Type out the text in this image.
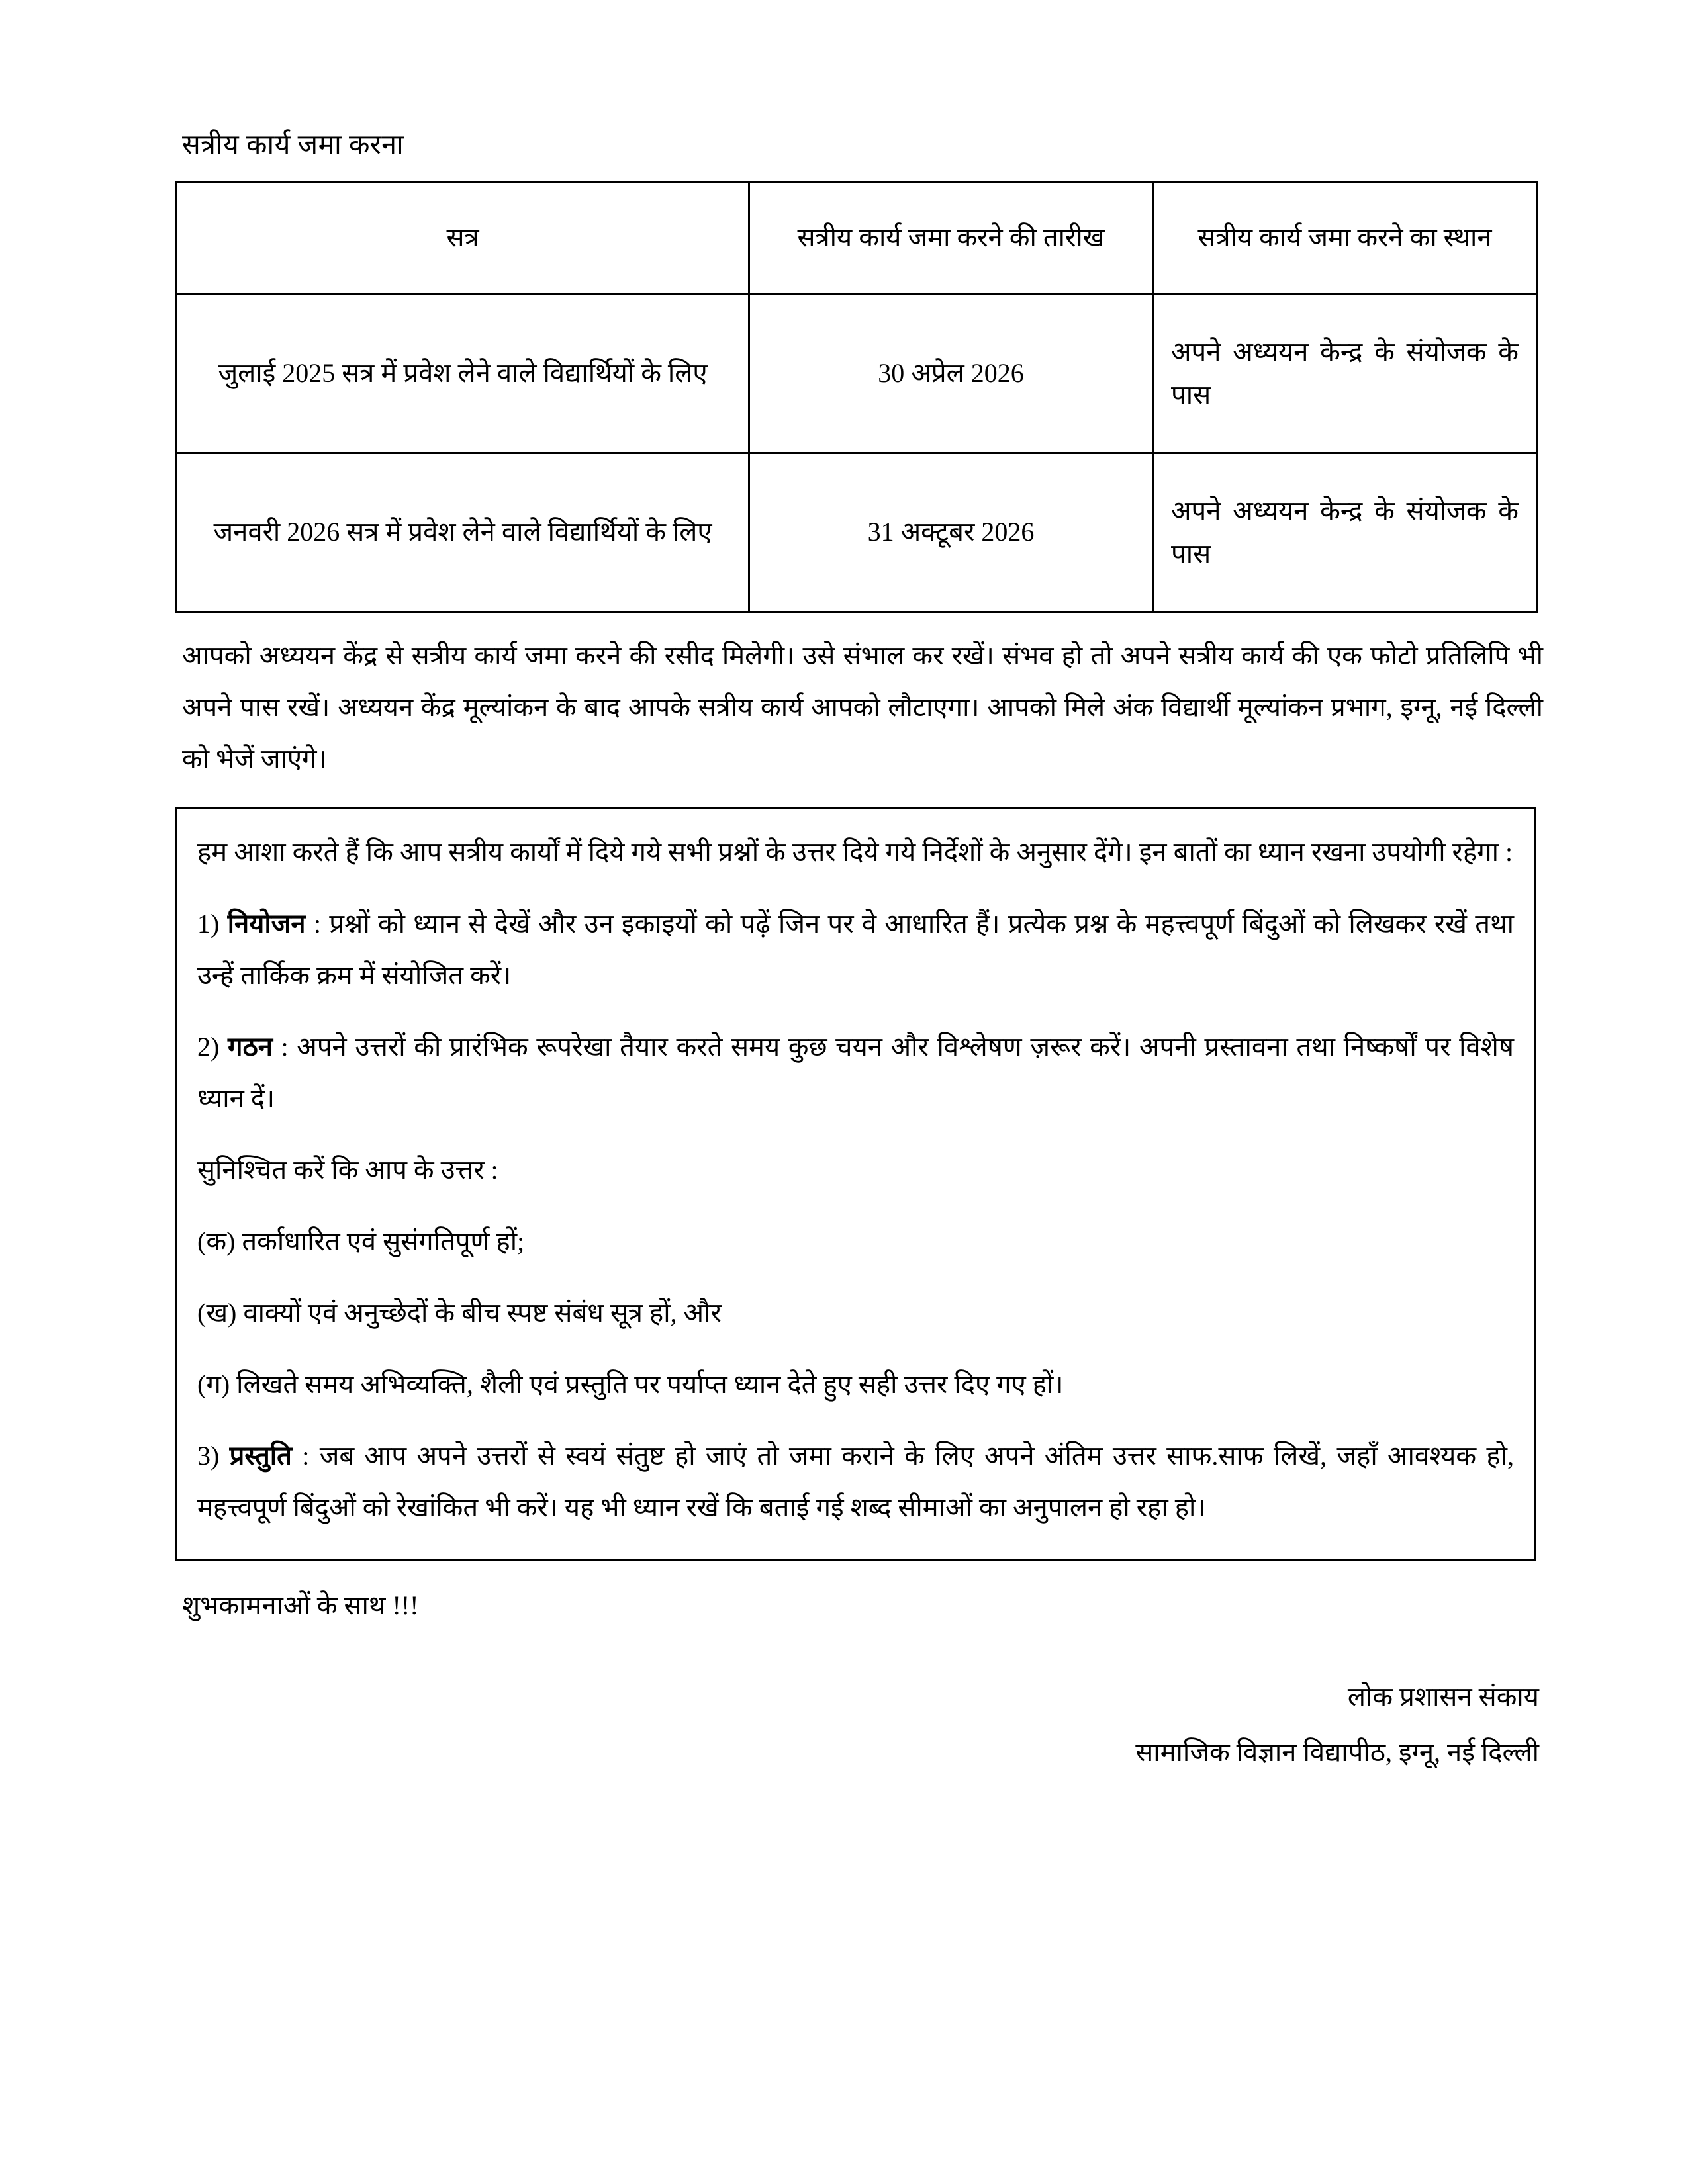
सत्रीय कार्य जमा करना
सत्र	सत्रीय कार्य जमा करने की तारीख	सत्रीय कार्य जमा करने का स्थान
जुलाई 2025 सत्र में प्रवेश लेने वाले विद्यार्थियों के लिए	30 अप्रेल 2026	अपने अध्ययन केन्द्र के संयोजक के पास
जनवरी 2026 सत्र में प्रवेश लेने वाले विद्यार्थियों के लिए	31 अक्टूबर 2026	अपने अध्ययन केन्द्र के संयोजक के पास

आपको अध्ययन केंद्र से सत्रीय कार्य जमा करने की रसीद मिलेगी। उसे संभाल कर रखें। संभव हो तो अपने सत्रीय कार्य की एक फोटो प्रतिलिपि भी अपने पास रखें। अध्ययन केंद्र मूल्यांकन के बाद आपके सत्रीय कार्य आपको लौटाएगा। आपको मिले अंक विद्यार्थी मूल्यांकन प्रभाग, इग्नू, नई दिल्ली को भेजें जाएंगे।

हम आशा करते हैं कि आप सत्रीय कार्यों में दिये गये सभी प्रश्नों के उत्तर दिये गये निर्देशों के अनुसार देंगे। इन बातों का ध्यान रखना उपयोगी रहेगा :

1) नियोजन : प्रश्नों को ध्यान से देखें और उन इकाइयों को पढ़ें जिन पर वे आधारित हैं। प्रत्येक प्रश्न के महत्त्वपूर्ण बिंदुओं को लिखकर रखें तथा उन्हें तार्किक क्रम में संयोजित करें।

2) गठन : अपने उत्तरों की प्रारंभिक रूपरेखा तैयार करते समय कुछ चयन और विश्लेषण ज़रूर करें। अपनी प्रस्तावना तथा निष्कर्षों पर विशेष ध्यान दें।

सुनिश्चित करें कि आप के उत्तर :

(क) तर्काधारित एवं सुसंगतिपूर्ण हों;

(ख) वाक्यों एवं अनुच्छेदों के बीच स्पष्ट संबंध सूत्र हों, और

(ग) लिखते समय अभिव्यक्ति, शैली एवं प्रस्तुति पर पर्याप्त ध्यान देते हुए सही उत्तर दिए गए हों।

3) प्रस्तुति : जब आप अपने उत्तरों से स्वयं संतुष्ट हो जाएं तो जमा कराने के लिए अपने अंतिम उत्तर साफ.साफ लिखें, जहाँ आवश्यक हो, महत्त्वपूर्ण बिंदुओं को रेखांकित भी करें। यह भी ध्यान रखें कि बताई गई शब्द सीमाओं का अनुपालन हो रहा हो।

शुभकामनाओं के साथ !!!

लोक प्रशासन संकाय
सामाजिक विज्ञान विद्यापीठ, इग्नू, नई दिल्ली
